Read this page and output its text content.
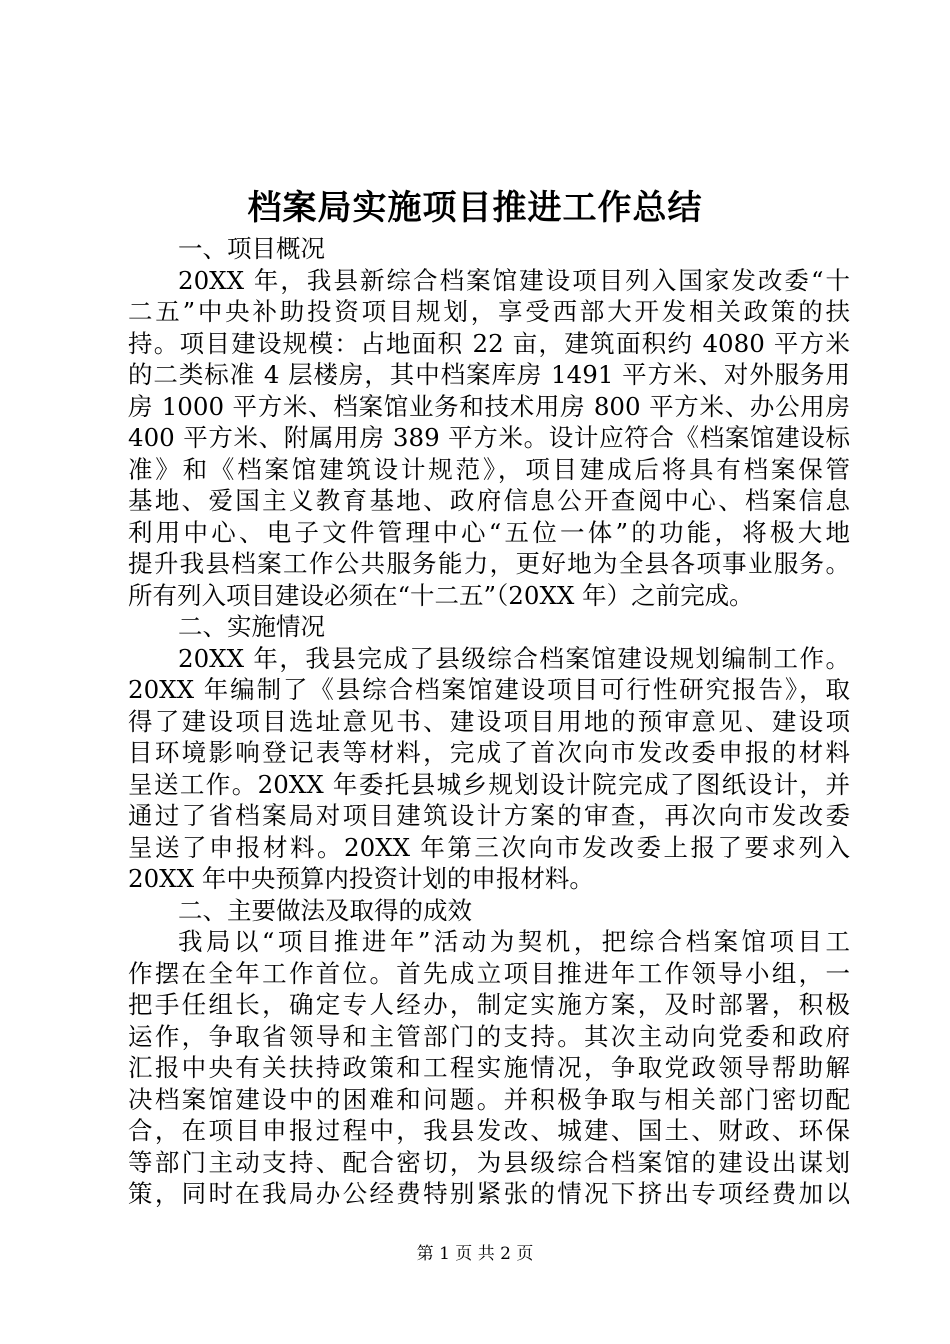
档案局实施项目推进工作总结
一、项目概况
20XX 年，我县新综合档案馆建设项目列入国家发改委“十
二五”中央补助投资项目规划，享受西部大开发相关政策的扶
持。项目建设规模：占地面积 22 亩，建筑面积约 4080 平方米
的二类标准 4 层楼房，其中档案库房 1491 平方米、对外服务用
房 1000 平方米、档案馆业务和技术用房 800 平方米、办公用房
400 平方米、附属用房 389 平方米。设计应符合《档案馆建设标
准》和《档案馆建筑设计规范》，项目建成后将具有档案保管
基地、爱国主义教育基地、政府信息公开查阅中心、档案信息
利用中心、电子文件管理中心“五位一体”的功能，将极大地
提升我县档案工作公共服务能力，更好地为全县各项事业服务。
所有列入项目建设必须在“十二五”（20XX 年）之前完成。
二、实施情况
20XX 年，我县完成了县级综合档案馆建设规划编制工作。
20XX 年编制了《县综合档案馆建设项目可行性研究报告》，取
得了建设项目选址意见书、建设项目用地的预审意见、建设项
目环境影响登记表等材料，完成了首次向市发改委申报的材料
呈送工作。20XX 年委托县城乡规划设计院完成了图纸设计，并
通过了省档案局对项目建筑设计方案的审查，再次向市发改委
呈送了申报材料。20XX 年第三次向市发改委上报了要求列入
20XX 年中央预算内投资计划的申报材料。
二、主要做法及取得的成效
我局以“项目推进年”活动为契机，把综合档案馆项目工
作摆在全年工作首位。首先成立项目推进年工作领导小组，一
把手任组长，确定专人经办，制定实施方案，及时部署，积极
运作，争取省领导和主管部门的支持。其次主动向党委和政府
汇报中央有关扶持政策和工程实施情况，争取党政领导帮助解
决档案馆建设中的困难和问题。并积极争取与相关部门密切配
合，在项目申报过程中，我县发改、城建、国土、财政、环保
等部门主动支持、配合密切，为县级综合档案馆的建设出谋划
策，同时在我局办公经费特别紧张的情况下挤出专项经费加以
第 1 页 共 2 页
